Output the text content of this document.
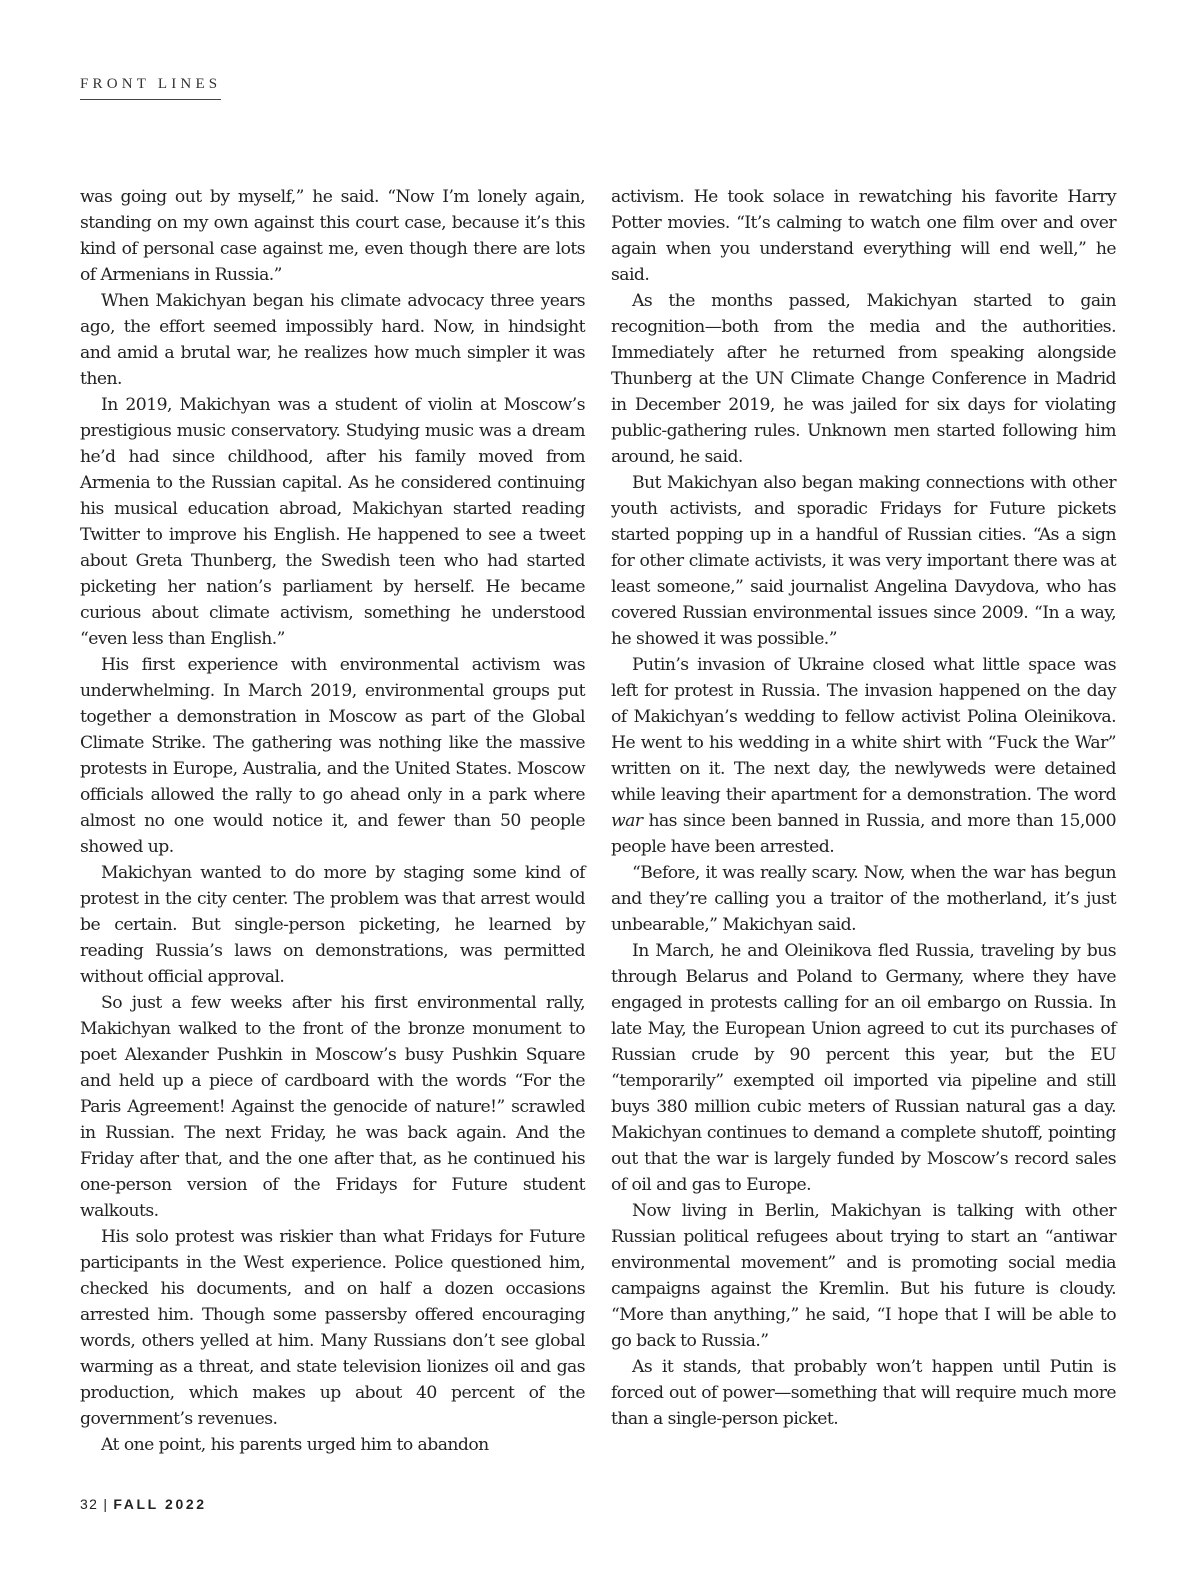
FRONT LINES

was going out by myself,” he said. “Now I’m lonely again, standing on my own against this court case, because it’s this kind of personal case against me, even though there are lots of Armenians in Russia.”

When Makichyan began his climate advocacy three years ago, the effort seemed impossibly hard. Now, in hindsight and amid a brutal war, he realizes how much simpler it was then.

In 2019, Makichyan was a student of violin at Moscow’s prestigious music conservatory. Studying music was a dream he’d had since childhood, after his family moved from Armenia to the Russian capital. As he considered continuing his musical education abroad, Makichyan started reading Twitter to improve his English. He happened to see a tweet about Greta Thunberg, the Swedish teen who had started picketing her nation’s parliament by herself. He became curious about climate activism, something he understood “even less than English.”

His first experience with environmental activism was underwhelming. In March 2019, environmental groups put together a demonstration in Moscow as part of the Global Climate Strike. The gathering was nothing like the massive protests in Europe, Australia, and the United States. Moscow officials allowed the rally to go ahead only in a park where almost no one would notice it, and fewer than 50 people showed up.

Makichyan wanted to do more by staging some kind of protest in the city center. The problem was that arrest would be certain. But single-person picketing, he learned by reading Russia’s laws on demonstrations, was permitted without official approval.

So just a few weeks after his first environmental rally, Makichyan walked to the front of the bronze monument to poet Alexander Pushkin in Moscow’s busy Pushkin Square and held up a piece of cardboard with the words “For the Paris Agreement! Against the genocide of nature!” scrawled in Russian. The next Friday, he was back again. And the Friday after that, and the one after that, as he continued his one-person version of the Fridays for Future student walkouts.

His solo protest was riskier than what Fridays for Future participants in the West experience. Police questioned him, checked his documents, and on half a dozen occasions arrested him. Though some passersby offered encouraging words, others yelled at him. Many Russians don’t see global warming as a threat, and state television lionizes oil and gas production, which makes up about 40 percent of the government’s revenues.

At one point, his parents urged him to abandon

activism. He took solace in rewatching his favorite Harry Potter movies. “It’s calming to watch one film over and over again when you understand everything will end well,” he said.

As the months passed, Makichyan started to gain recognition—both from the media and the authorities. Immediately after he returned from speaking alongside Thunberg at the UN Climate Change Conference in Madrid in December 2019, he was jailed for six days for violating public-gathering rules. Unknown men started following him around, he said.

But Makichyan also began making connections with other youth activists, and sporadic Fridays for Future pickets started popping up in a handful of Russian cities. “As a sign for other climate activists, it was very important there was at least someone,” said journalist Angelina Davydova, who has covered Russian environmental issues since 2009. “In a way, he showed it was possible.”

Putin’s invasion of Ukraine closed what little space was left for protest in Russia. The invasion happened on the day of Makichyan’s wedding to fellow activist Polina Oleinikova. He went to his wedding in a white shirt with “Fuck the War” written on it. The next day, the newlyweds were detained while leaving their apartment for a demonstration. The word war has since been banned in Russia, and more than 15,000 people have been arrested.

“Before, it was really scary. Now, when the war has begun and they’re calling you a traitor of the motherland, it’s just unbearable,” Makichyan said.

In March, he and Oleinikova fled Russia, traveling by bus through Belarus and Poland to Germany, where they have engaged in protests calling for an oil embargo on Russia. In late May, the European Union agreed to cut its purchases of Russian crude by 90 percent this year, but the EU “temporarily” exempted oil imported via pipeline and still buys 380 million cubic meters of Russian natural gas a day. Makichyan continues to demand a complete shutoff, pointing out that the war is largely funded by Moscow’s record sales of oil and gas to Europe.

Now living in Berlin, Makichyan is talking with other Russian political refugees about trying to start an “antiwar environmental movement” and is promoting social media campaigns against the Kremlin. But his future is cloudy. “More than anything,” he said, “I hope that I will be able to go back to Russia.”

As it stands, that probably won’t happen until Putin is forced out of power—something that will require much more than a single-person picket.

32 | FALL 2022
